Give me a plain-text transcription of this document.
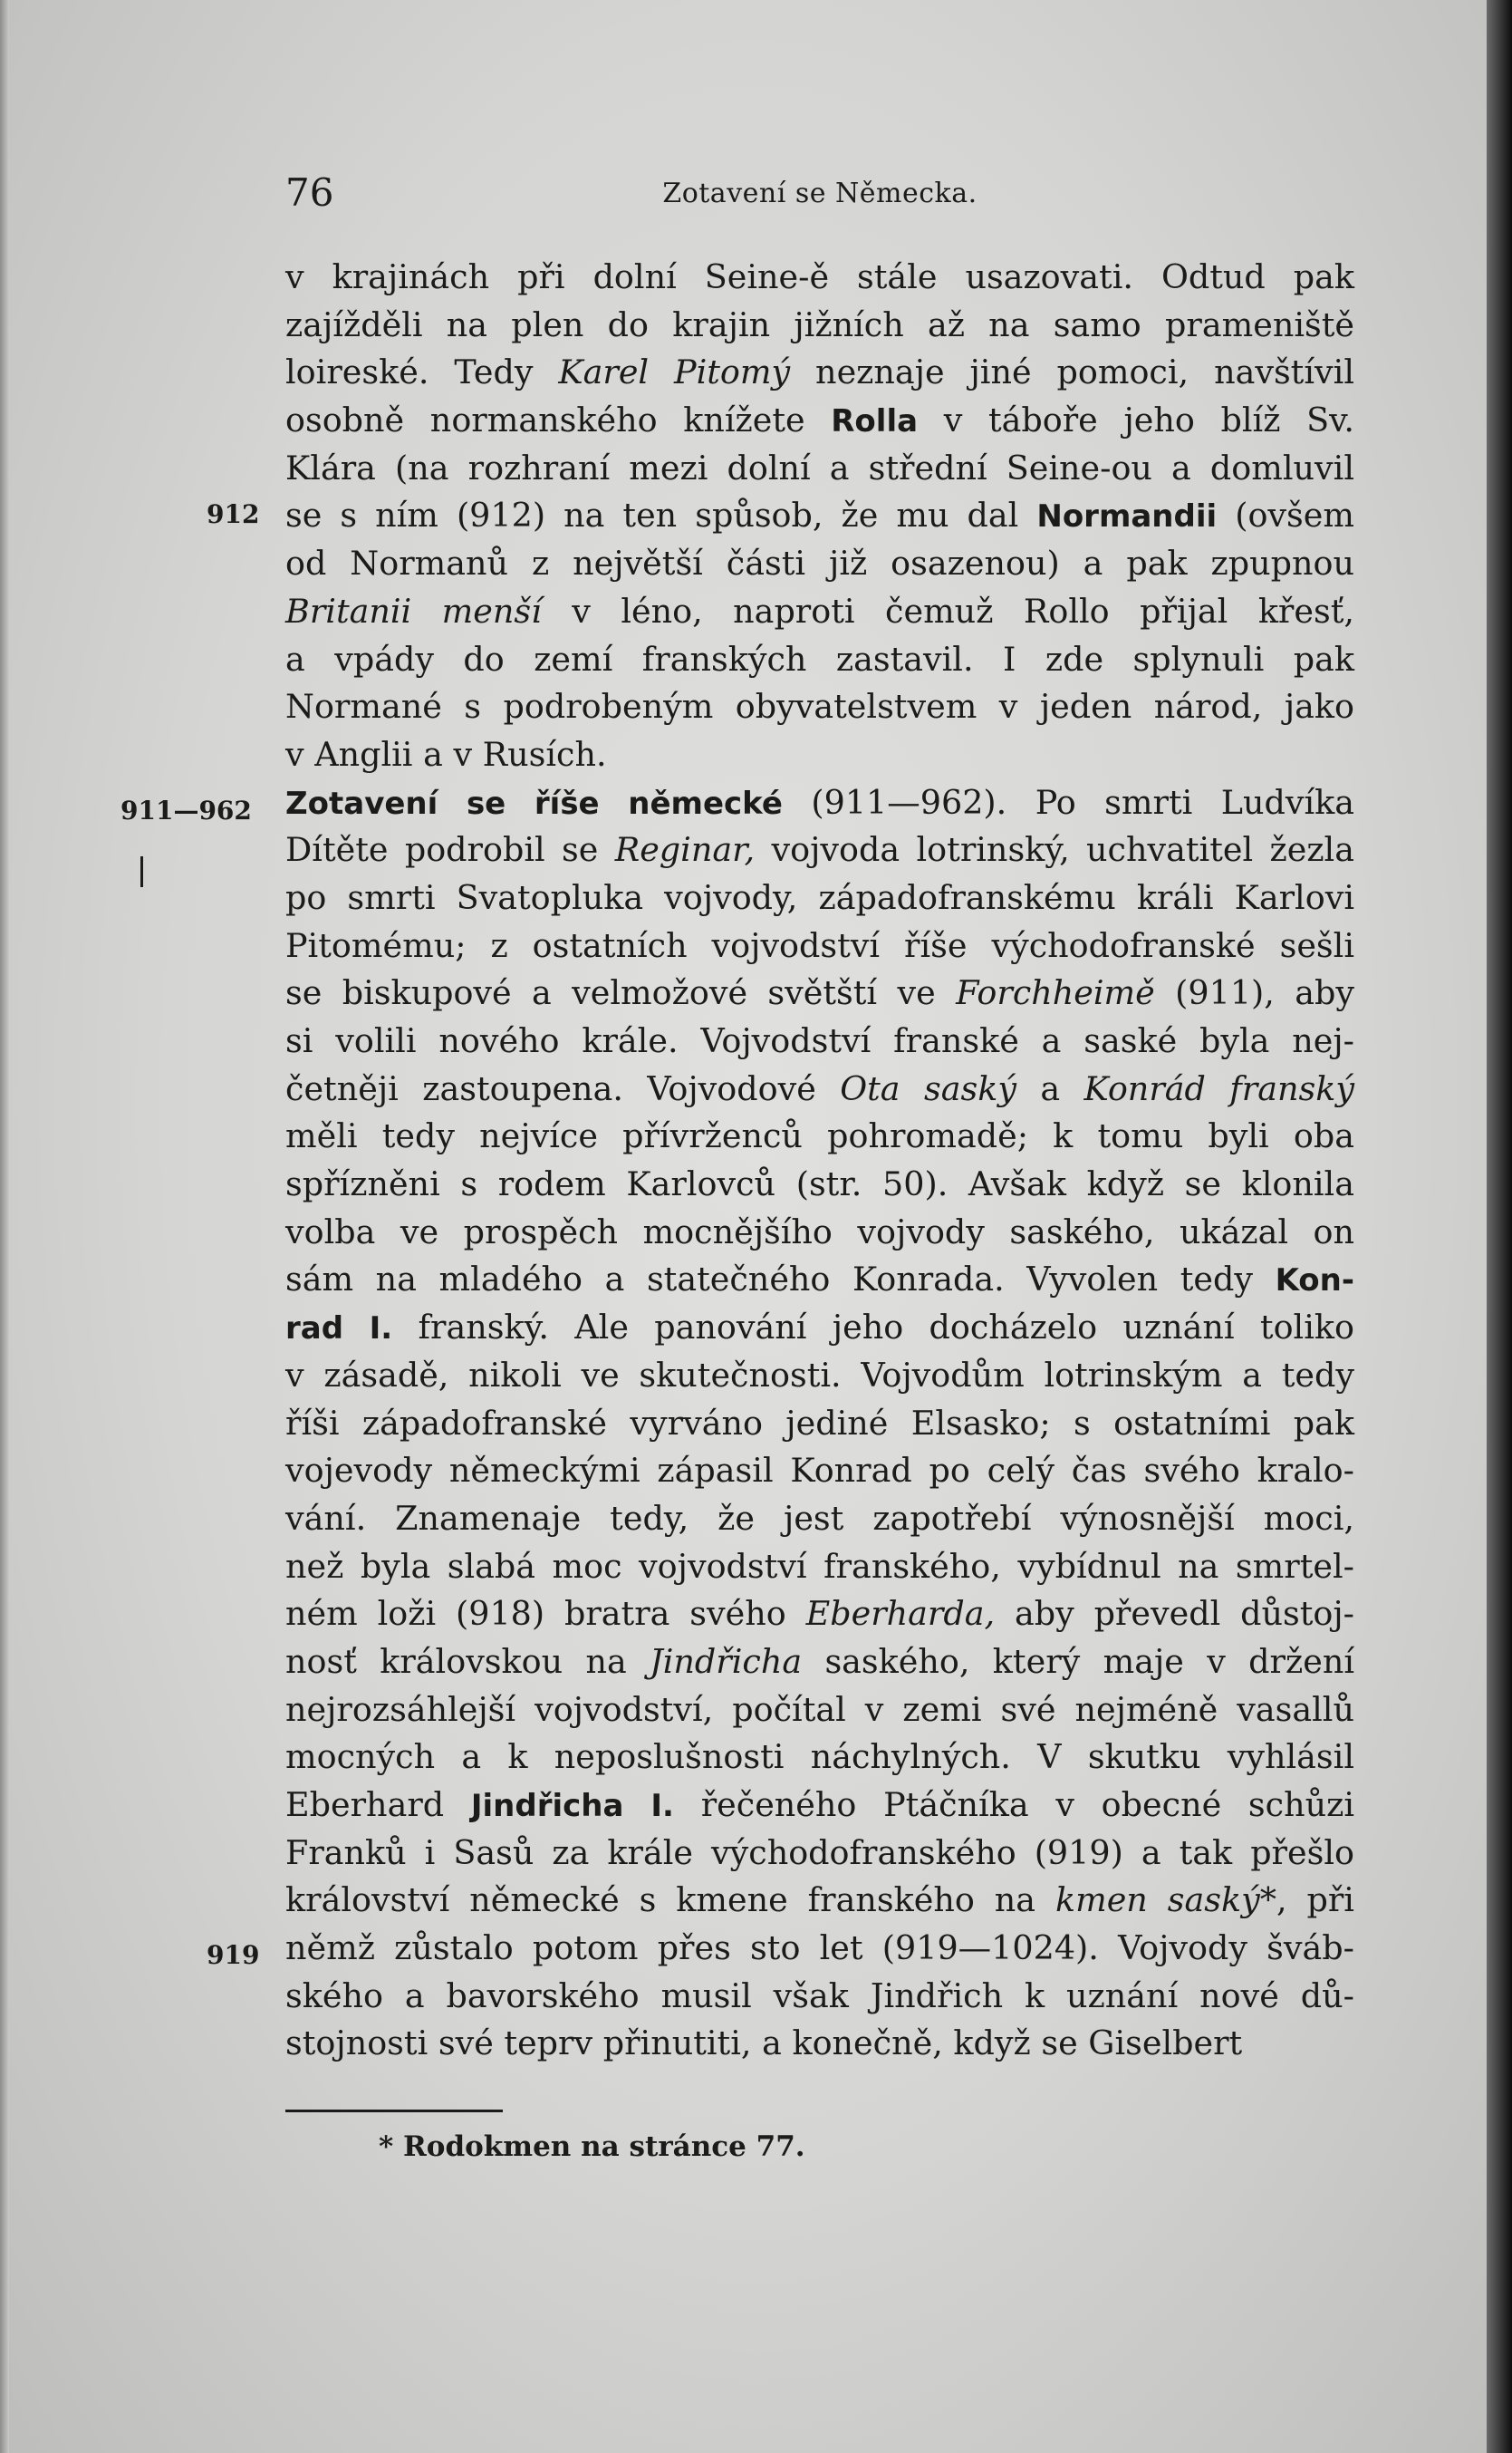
76	Zotavení se Německa.
912
911—962
919
v krajinách při dolní Seine-ě stále usazovati. Odtud pak
zajížděli na plen do krajin jižních až na samo prameniště
loireské. Tedy Karel Pitomý neznaje jiné pomoci, navštívil
osobně normanského knížete Rolla v táboře jeho blíž Sv.
Klára (na rozhraní mezi dolní a střední Seine-ou a domluvil
se s ním (912) na ten spůsob, že mu dal Normandii (ovšem
od Normanů z největší části již osazenou) a pak zpupnou
Britanii menší v léno, naproti čemuž Rollo přijal křesť,
a vpády do zemí franských zastavil. I zde splynuli pak
Normané s podrobeným obyvatelstvem v jeden národ, jako
v Anglii a v Rusích.
Zotavení se říše německé (911—962). Po smrti Ludvíka
Dítěte podrobil se Reginar, vojvoda lotrinský, uchvatitel žezla
po smrti Svatopluka vojvody, západofranskému králi Karlovi
Pitomému; z ostatních vojvodství říše východofranské sešli
se biskupové a velmožové světští ve Forchheimě (911), aby
si volili nového krále. Vojvodství franské a saské byla nej-
četněji zastoupena. Vojvodové Ota saský a Konrád franský
měli tedy nejvíce přívrženců pohromadě; k tomu byli oba
spřízněni s rodem Karlovců (str. 50). Avšak když se klonila
volba ve prospěch mocnějšího vojvody saského, ukázal on
sám na mladého a statečného Konrada. Vyvolen tedy Kon-
rad I. franský. Ale panování jeho docházelo uznání toliko
v zásadě, nikoli ve skutečnosti. Vojvodům lotrinským a tedy
říši západofranské vyrváno jediné Elsasko; s ostatními pak
vojevody německými zápasil Konrad po celý čas svého kralo-
vání. Znamenaje tedy, že jest zapotřebí výnosnější moci,
než byla slabá moc vojvodství franského, vybídnul na smrtel-
ném loži (918) bratra svého Eberharda, aby převedl důstoj-
nosť královskou na Jindřicha saského, který maje v držení
nejrozsáhlejší vojvodství, počítal v zemi své nejméně vasallů
mocných a k neposlušnosti náchylných. V skutku vyhlásil
Eberhard Jindřicha I. řečeného Ptáčníka v obecné schůzi
Franků i Sasů za krále východofranského (919) a tak přešlo
království německé s kmene franského na kmen saský*, při
němž zůstalo potom přes sto let (919—1024). Vojvody šváb-
ského a bavorského musil však Jindřich k uznání nové dů-
stojnosti své teprv přinutiti, a konečně, když se Giselbert
* Rodokmen na stránce 77.
